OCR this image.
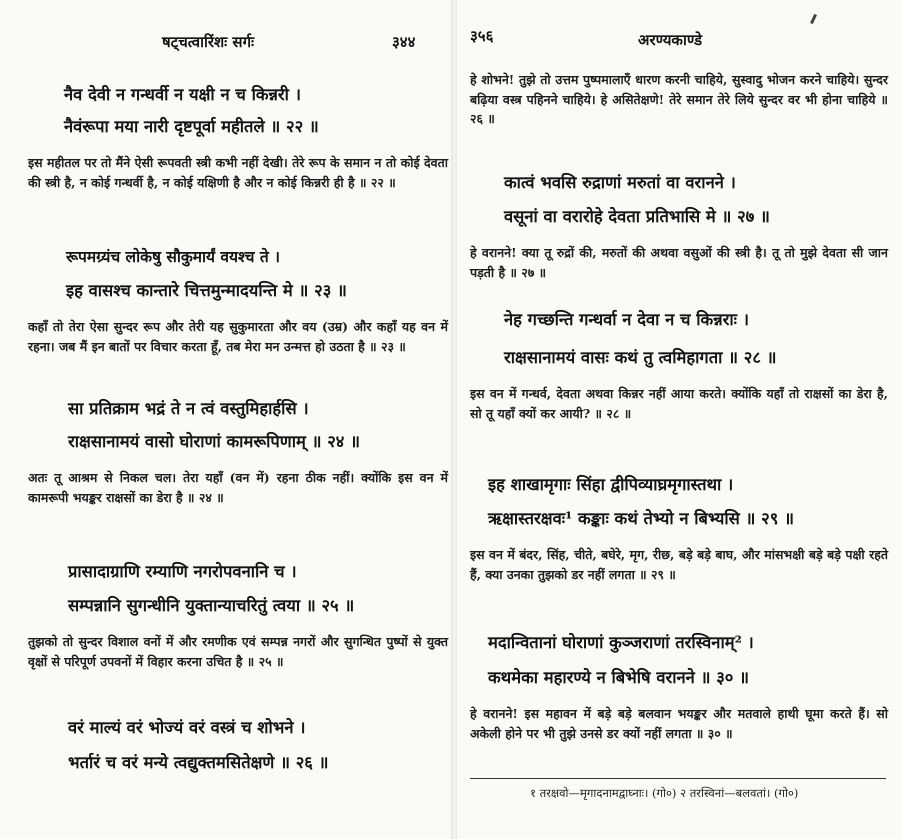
षट्चत्वारिंशः सर्गः	३४४
नैव देवी न गन्धर्वी न यक्षी न च किन्नरी ।
नैवंरूपा मया नारी दृष्टपूर्वा महीतले ॥ २२ ॥
इस महीतल पर तो मैंने ऐसी रूपवती स्त्री कभी नहीं देखी। तेरे रूप के समान न तो कोई देवता की स्त्री है, न कोई गन्धर्वी है, न कोई यक्षिणी है और न कोई किन्नरी ही है ॥ २२ ॥
रूपमग्र्यंच लोकेषु सौकुमार्यं वयश्च ते ।
इह वासश्च कान्तारे चित्तमुन्मादयन्ति मे ॥ २३ ॥
कहाँ तो तेरा ऐसा सुन्दर रूप और तेरी यह सुकुमारता और वय (उम्र) और कहाँ यह वन में रहना। जब मैं इन बातों पर विचार करता हूँ, तब मेरा मन उन्मत्त हो उठता है ॥ २३ ॥
सा प्रतिक्राम भद्रं ते न त्वं वस्तुमिहार्हसि ।
राक्षसानामयं वासो घोराणां कामरूपिणाम् ॥ २४ ॥
अतः तू आश्रम से निकल चल। तेरा यहाँ (वन में) रहना ठीक नहीं। क्योंकि इस वन में कामरूपी भयङ्कर राक्षसों का डेरा है ॥ २४ ॥
प्रासादाग्राणि रम्याणि नगरोपवनानि च ।
सम्पन्नानि सुगन्धीनि युक्तान्याचरितुं त्वया ॥ २५ ॥
तुझको तो सुन्दर विशाल वनों में और रमणीक एवं सम्पन्न नगरों और सुगन्धित पुष्पों से युक्त वृक्षों से परिपूर्ण उपवनों में विहार करना उचित है ॥ २५ ॥
वरं माल्यं वरं भोज्यं वरं वस्त्रं च शोभने ।
भर्तारं च वरं मन्ये त्वद्युक्तमसितेक्षणे ॥ २६ ॥
३५६	अरण्यकाण्डे
हे शोभने! तुझे तो उत्तम पुष्पमालाएँ धारण करनी चाहिये, सुस्वादु भोजन करने चाहिये। सुन्दर बढ़िया वस्त्र पहिनने चाहिये। हे असितेक्षणे! तेरे समान तेरे लिये सुन्दर वर भी होना चाहिये ॥ २६ ॥
कात्वं भवसि रुद्राणां मरुतां वा वरानने ।
वसूनां वा वरारोहे देवता प्रतिभासि मे ॥ २७ ॥
हे वरानने! क्या तू रुद्रों की, मरुतों की अथवा वसुओं की स्त्री है। तू तो मुझे देवता सी जान पड़ती है ॥ २७ ॥
नेह गच्छन्ति गन्धर्वा न देवा न च किन्नराः ।
राक्षसानामयं वासः कथं तु त्वमिहागता ॥ २८ ॥
इस वन में गन्धर्व, देवता अथवा किन्नर नहीं आया करते। क्योंकि यहाँ तो राक्षसों का डेरा है, सो तू यहाँ क्यों कर आयी? ॥ २८ ॥
इह शाखामृगाः सिंहा द्वीपिव्याघ्रमृगास्तथा ।
ऋक्षास्तरक्षवः¹ कङ्काः कथं तेभ्यो न बिभ्यसि ॥ २९ ॥
इस वन में बंदर, सिंह, चीते, बघेरे, मृग, रीछ, बड़े बड़े बाघ, और मांसभक्षी बड़े बड़े पक्षी रहते हैं, क्या उनका तुझको डर नहीं लगता ॥ २९ ॥
मदान्वितानां घोराणां कुञ्जराणां तरस्विनाम्² ।
कथमेका महारण्ये न बिभेषि वरानने ॥ ३० ॥
हे वरानने! इस महावन में बड़े बड़े बलवान भयङ्कर और मतवाले हाथी घूमा करते हैं। सो अकेली होने पर भी तुझे उनसे डर क्यों नहीं लगता ॥ ३० ॥
१ तरक्षवो—मृगादनामद्वाघ्नाः। (गो०) २ तरस्विनां—बलवतां। (गो०)
